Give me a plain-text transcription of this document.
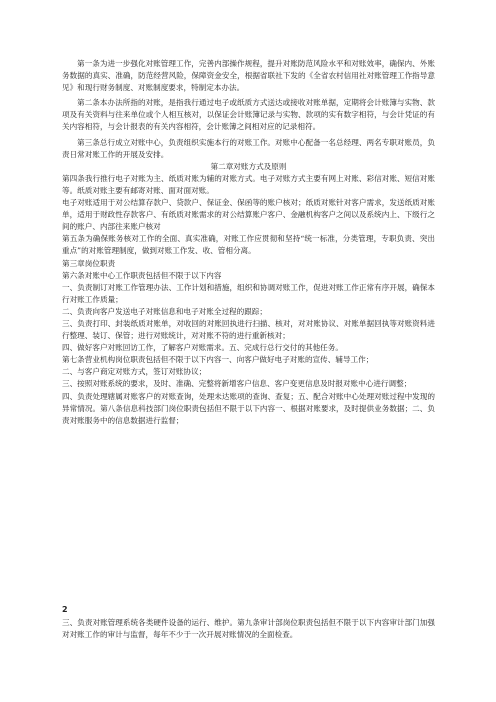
第一条为进一步强化对账管理工作，完善内部操作规程，提升对账防范风险水平和对账效率，确保内、外账务数据的真实、准确，防范经营风险，保障资金安全，根据省联社下发的《全省农村信用社对账管理工作指导意见》和现行财务制度、对账制度要求，特制定本办法。

第二条本办法所指的对账，是指我行通过电子或纸质方式送达或接收对账单据，定期将会计账簿与实物、款项及有关资料与往来单位或个人相互核对，以保证会计账簿记录与实物、款项的实有数字相符，与会计凭证的有关内容相符，与会计报表的有关内容相符，会计账簿之间相对应的记录相符。

第三条总行成立对账中心，负责组织实施本行的对账工作。对账中心配备一名总经理、两名专职对账员，负责日常对账工作的开展及安排。

第二章对账方式及原则

第四条我行推行电子对账为主、纸质对账为辅的对账方式。电子对账方式主要有网上对账、彩信对账、短信对账等。纸质对账主要有邮寄对账、面对面对账。

电子对账适用于对公结算存款户、贷款户、保证金、保函等的账户核对；纸质对账针对客户需求，发送纸质对账单，适用于财政性存款客户、有纸质对账需求的对公结算账户客户、金融机构客户之间以及系统内上、下级行之间的账户、内部往来账户核对

第五条为确保账务核对工作的全面、真实准确，对账工作应贯彻和坚持“统一标准，分类管理，专职负责、突出重点”的对账管理制度，做到对账工作发、收、管相分离。

第三章岗位职责

第六条对账中心工作职责包括但不限于以下内容

一、负责制订对账工作管理办法、工作计划和措施，组织和协调对账工作，促进对账工作正常有序开展，确保本行对账工作质量；

二、负责向客户发送电子对账信息和电子对账全过程的跟踪；

三、负责打印、封装纸质对账单，对收回的对账回执进行扫描、核对，对对账协议、对账单据回执等对账资料进行整理、装订、保管；进行对账统计，对对账不符的进行重新核对；

四、做好客户对账回访工作，了解客户对账需求。五、完成行总行交付的其他任务。

第七条营业机构岗位职责包括但不限于以下内容一、向客户做好电子对账的宣传、辅导工作；

二、与客户商定对账方式，签订对账协议；

三、按照对账系统的要求，及时、准确、完整将新增客户信息、客户变更信息及时报对账中心进行调整；

四、负责处理辖属对账客户的对账查询，处理未达账项的查询、查复；五、配合对账中心处理对账过程中发现的异常情况。第八条信息科技部门岗位职责包括但不限于以下内容一、根据对账要求，及时提供业务数据；二、负责对账服务中的信息数据进行监督；

2

三、负责对账管理系统各类硬件设备的运行、维护。第九条审计部岗位职责包括但不限于以下内容审计部门加强对对账工作的审计与监督，每年不少于一次开展对账情况的全面检查。
